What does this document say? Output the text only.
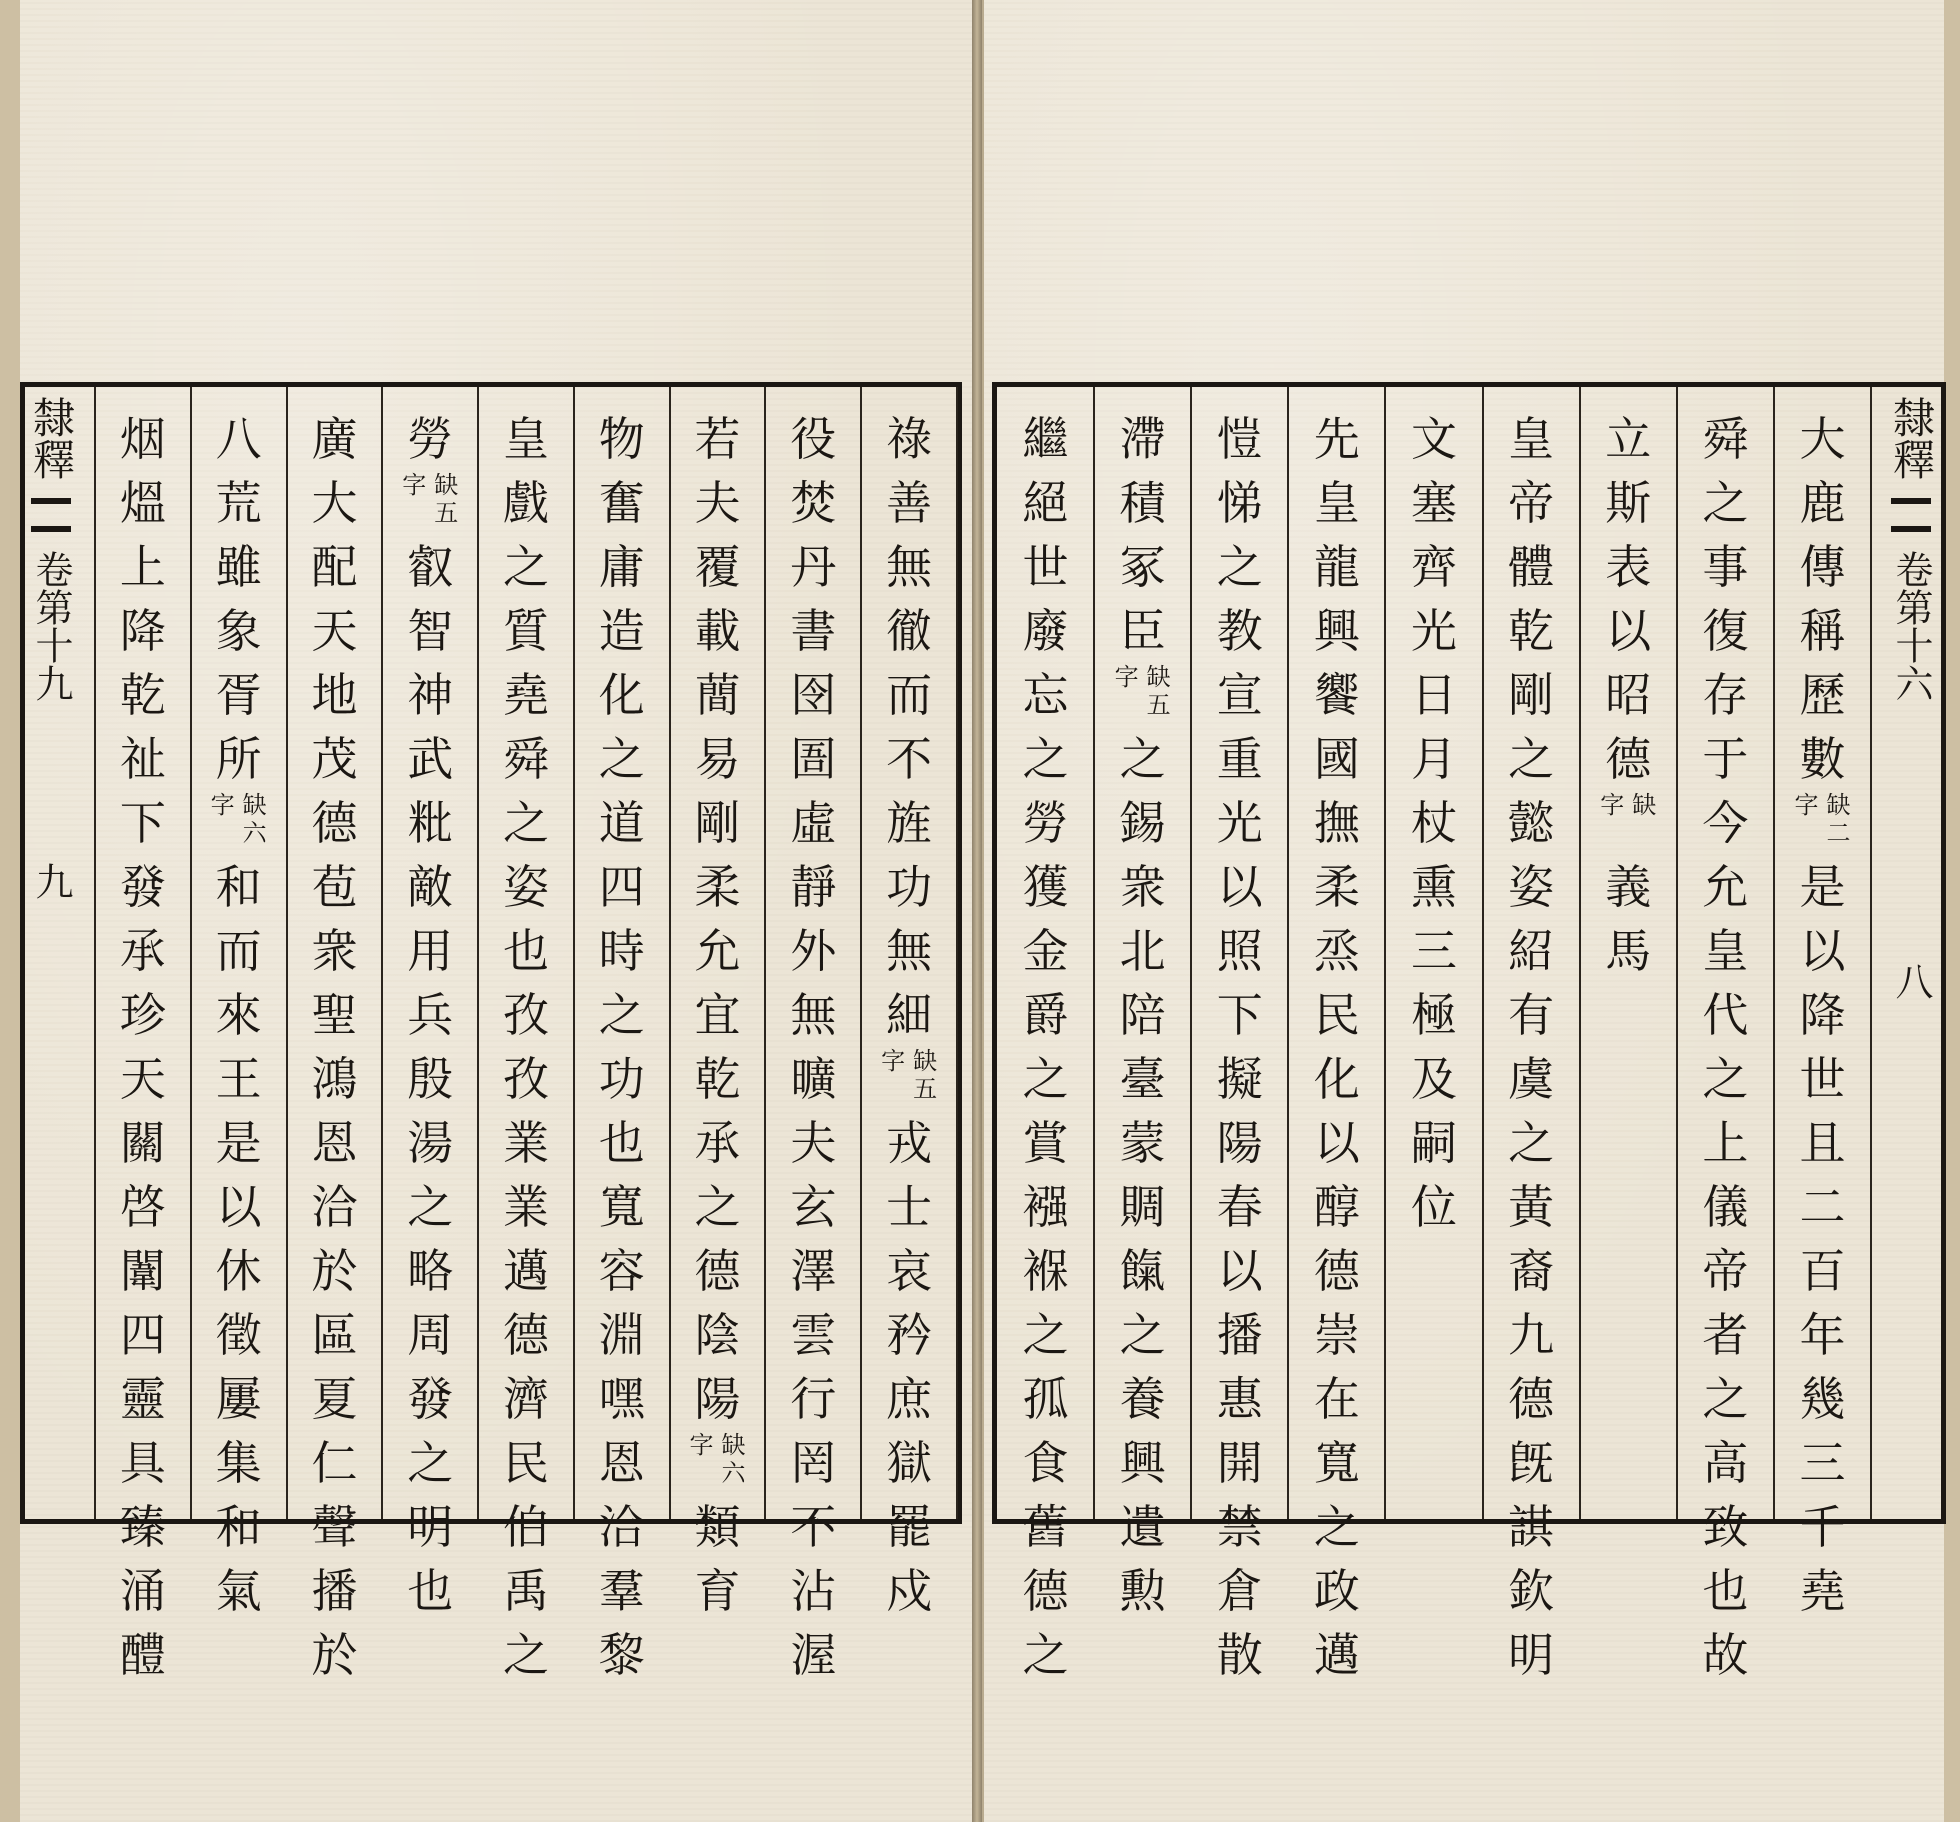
隸釋
卷第十九
九
隸釋
卷第十六
八
祿
善
無
徹
而
不
旌
功
無
細
缺
五
字
戎
士
哀
矜
庶
獄
罷
戍
役
焚
丹
書
囹
圄
虛
靜
外
無
曠
夫
玄
澤
雲
行
罔
不
沾
渥
若
夫
覆
載
蕳
易
剛
柔
允
宜
乾
𠄘
之
德
陰
陽
缺
六
字
類
育
物
奮
庸
造
化
之
道
四
時
之
功
也
寬
容
淵
嘿
恩
洽
羣
黎
皇
戲
之
質
堯
舜
之
姿
也
孜
孜
業
業
邁
德
濟
民
伯
禹
之
勞
缺
五
字
叡
智
神
武
粃
敵
用
兵
殷
湯
之
略
周
發
之
明
也
廣
大
配
天
地
茂
德
苞
衆
聖
鴻
恩
洽
於
區
夏
仁
聲
播
於
八
荒
雖
象
胥
所
缺
六
字
和
而
來
王
是
以
休
徵
屢
集
和
氣
烟
熅
上
降
乾
祉
下
發
𠄘
珍
天
關
啓
闈
四
靈
具
臻
涌
醴
大
鹿
傳
稱
歷
數
缺
二
字
是
以
降
世
且
二
百
年
幾
三
千
堯
舜
之
事
復
存
于
今
允
皇
代
之
上
儀
帝
者
之
高
致
也
故
立
斯
表
以
昭
德
缺
字
義
馬
皇
帝
體
乾
剛
之
懿
姿
紹
有
虞
之
黃
裔
九
德
旣
諆
欽
明
文
塞
齊
光
日
月
杖
熏
三
極
及
嗣
位
先
皇
龍
興
饗
國
撫
柔
烝
民
化
以
醇
德
崇
在
寬
之
政
邁
愷
悌
之
教
宣
重
光
以
照
下
擬
陽
春
以
播
惠
開
禁
倉
散
滯
積
冢
臣
缺
五
字
之
錫
衆
北
陪
臺
蒙
賙
餼
之
養
興
遺
勲
繼
絕
世
廢
忘
之
勞
獲
金
爵
之
賞
襁
褓
之
孤
食
舊
德
之
